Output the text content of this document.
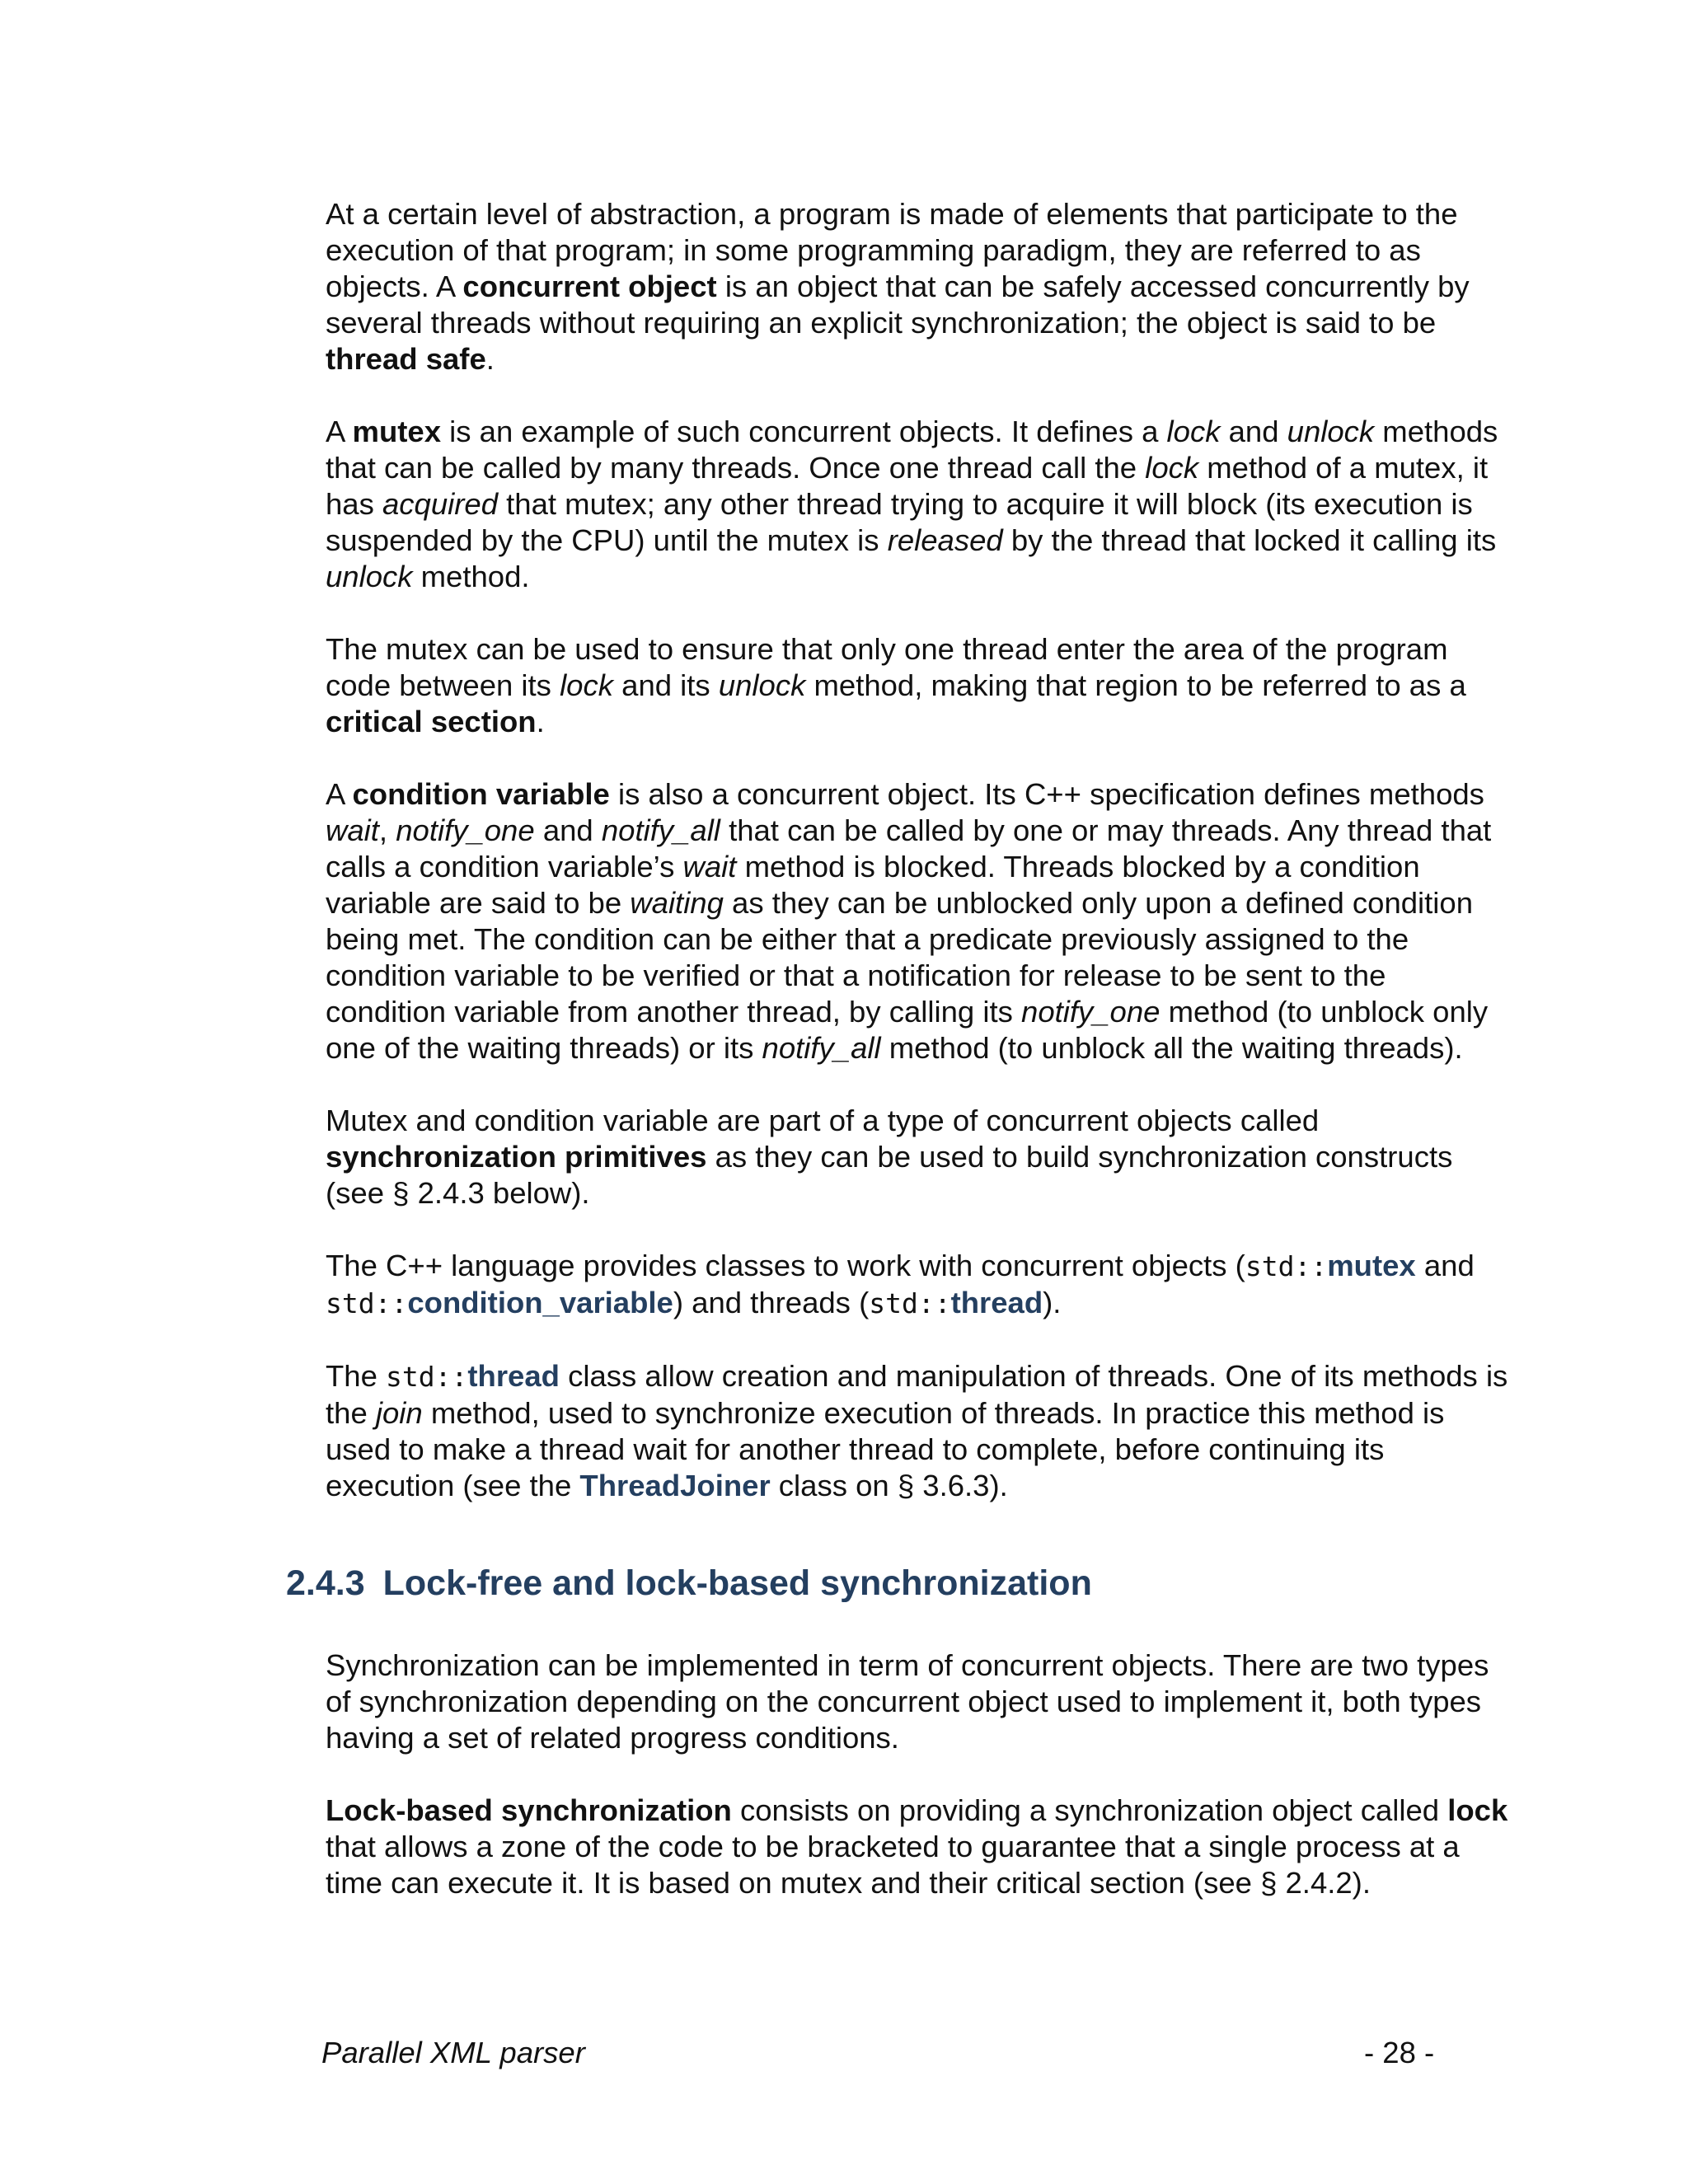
At a certain level of abstraction, a program is made of elements that participate to the execution of that program; in some programming paradigm, they are referred to as objects. A concurrent object is an object that can be safely accessed concurrently by several threads without requiring an explicit synchronization; the object is said to be thread safe.

A mutex is an example of such concurrent objects. It defines a lock and unlock methods that can be called by many threads. Once one thread call the lock method of a mutex, it has acquired that mutex; any other thread trying to acquire it will block (its execution is suspended by the CPU) until the mutex is released by the thread that locked it calling its unlock method.

The mutex can be used to ensure that only one thread enter the area of the program code between its lock and its unlock method, making that region to be referred to as a critical section.

A condition variable is also a concurrent object. Its C++ specification defines methods wait, notify_one and notify_all that can be called by one or may threads. Any thread that calls a condition variable’s wait method is blocked. Threads blocked by a condition variable are said to be waiting as they can be unblocked only upon a defined condition being met. The condition can be either that a predicate previously assigned to the condition variable to be verified or that a notification for release to be sent to the condition variable from another thread, by calling its notify_one method (to unblock only one of the waiting threads) or its notify_all method (to unblock all the waiting threads).

Mutex and condition variable are part of a type of concurrent objects called synchronization primitives as they can be used to build synchronization constructs (see § 2.4.3 below).

The C++ language provides classes to work with concurrent objects (std::mutex and std::condition_variable) and threads (std::thread).

The std::thread class allow creation and manipulation of threads. One of its methods is the join method, used to synchronize execution of threads. In practice this method is used to make a thread wait for another thread to complete, before continuing its execution (see the ThreadJoiner class on § 3.6.3).

2.4.3 Lock-free and lock-based synchronization

Synchronization can be implemented in term of concurrent objects. There are two types of synchronization depending on the concurrent object used to implement it, both types having a set of related progress conditions.

Lock-based synchronization consists on providing a synchronization object called lock that allows a zone of the code to be bracketed to guarantee that a single process at a time can execute it. It is based on mutex and their critical section (see § 2.4.2).

Parallel XML parser	- 28 -
